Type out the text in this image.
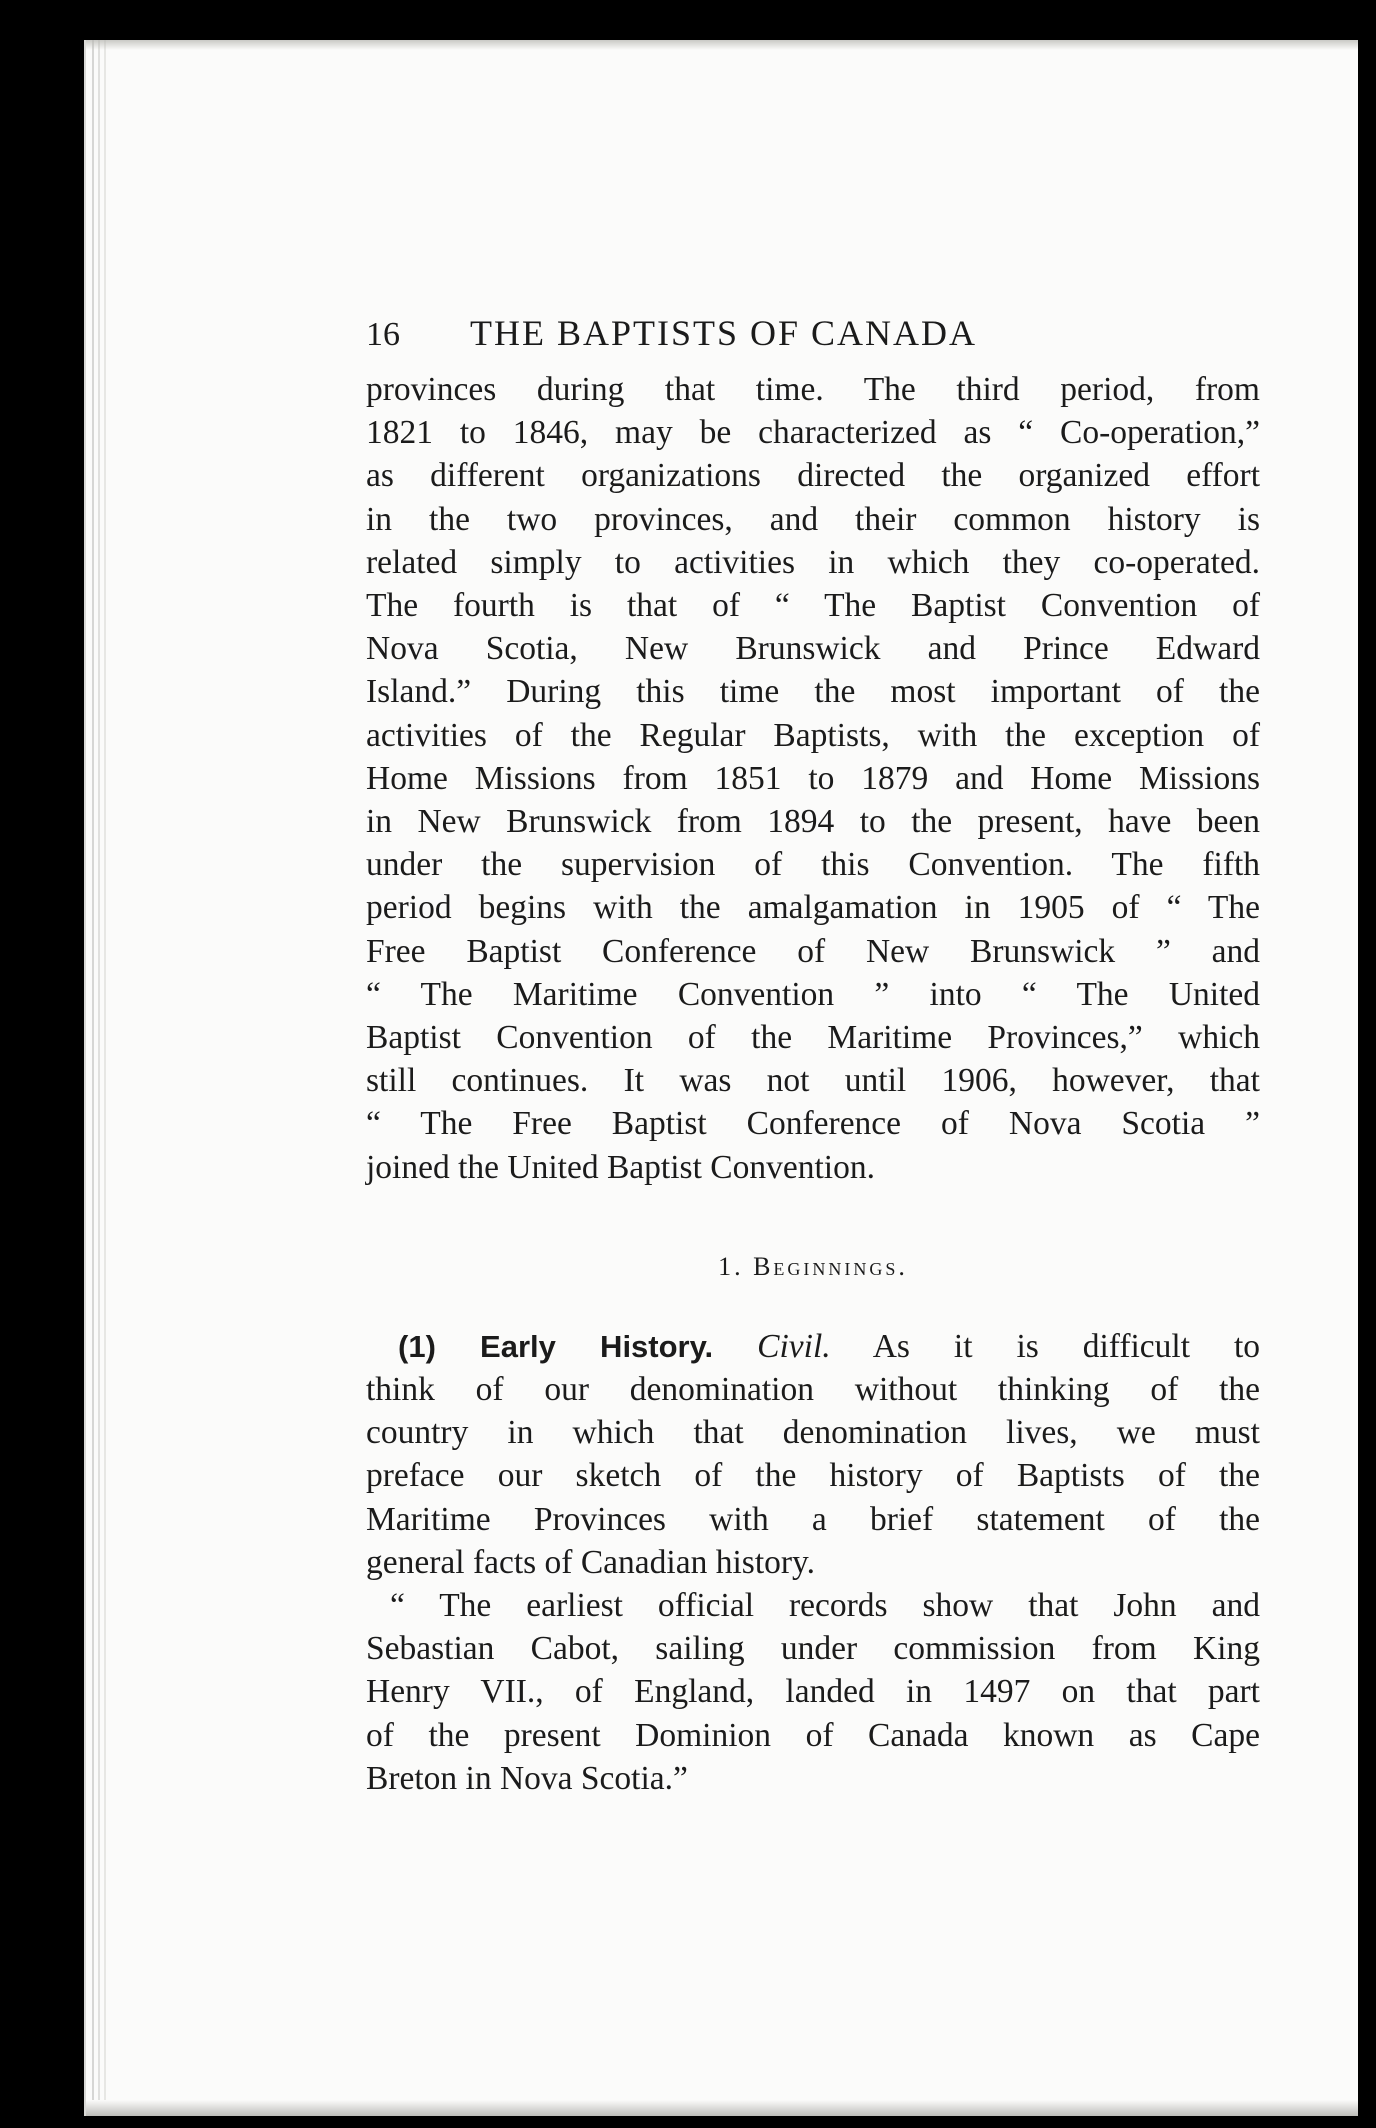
16	THE BAPTISTS OF CANADA
provinces during that time. The third period, from
1821 to 1846, may be characterized as “ Co-operation,”
as different organizations directed the organized effort
in the two provinces, and their common history is
related simply to activities in which they co-operated.
The fourth is that of “ The Baptist Convention of
Nova Scotia, New Brunswick and Prince Edward
Island.” During this time the most important of the
activities of the Regular Baptists, with the exception of
Home Missions from 1851 to 1879 and Home Missions
in New Brunswick from 1894 to the present, have been
under the supervision of this Convention. The fifth
period begins with the amalgamation in 1905 of “ The
Free Baptist Conference of New Brunswick ” and
“ The Maritime Convention ” into “ The United
Baptist Convention of the Maritime Provinces,” which
still continues. It was not until 1906, however, that
“ The Free Baptist Conference of Nova Scotia ”
joined the United Baptist Convention.
1. Beginnings.
(1) Early History. Civil. As it is difficult to
think of our denomination without thinking of the
country in which that denomination lives, we must
preface our sketch of the history of Baptists of the
Maritime Provinces with a brief statement of the
general facts of Canadian history.
“ The earliest official records show that John and
Sebastian Cabot, sailing under commission from King
Henry VII., of England, landed in 1497 on that part
of the present Dominion of Canada known as Cape
Breton in Nova Scotia.”
